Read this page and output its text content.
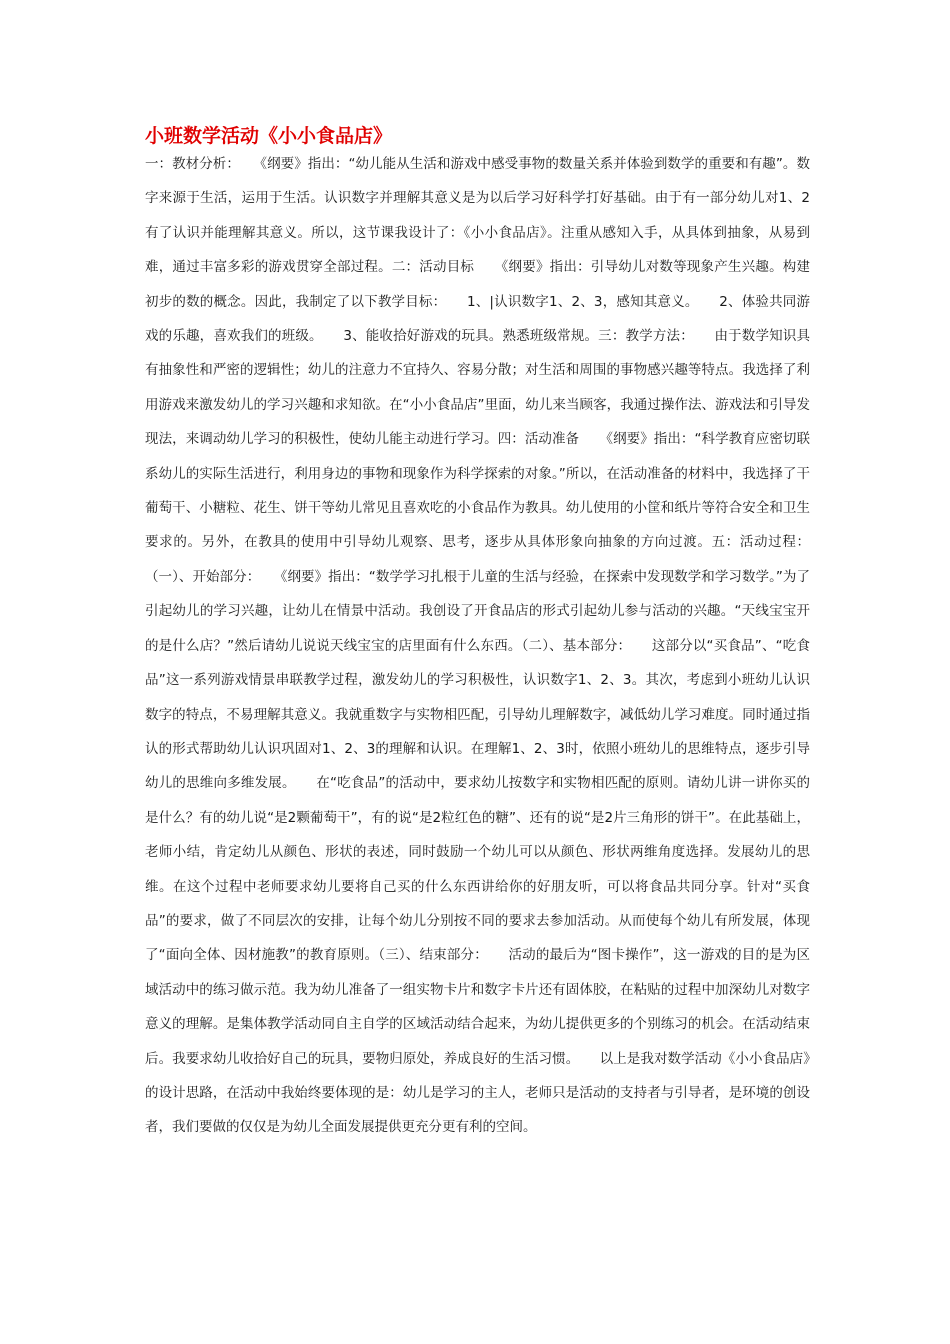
小班数学活动《小小食品店》

一：教材分析：　　《纲要》指出：“幼儿能从生活和游戏中感受事物的数量关系并体验到数学的重要和有趣”。数字来源于生活，运用于生活。认识数字并理解其意义是为以后学习好科学打好基础。由于有一部分幼儿对1、2有了认识并能理解其意义。所以，这节课我设计了：《小小食品店》。注重从感知入手，从具体到抽象，从易到难，通过丰富多彩的游戏贯穿全部过程。二：活动目标　　《纲要》指出：引导幼儿对数等现象产生兴趣。构建初步的数的概念。因此，我制定了以下教学目标：　　1、|认识数字1、2、3，感知其意义。　　2、体验共同游戏的乐趣，喜欢我们的班级。　　3、能收拾好游戏的玩具。熟悉班级常规。三：教学方法：　　由于数学知识具有抽象性和严密的逻辑性；幼儿的注意力不宜持久、容易分散；对生活和周围的事物感兴趣等特点。我选择了利用游戏来激发幼儿的学习兴趣和求知欲。在“小小食品店”里面，幼儿来当顾客，我通过操作法、游戏法和引导发现法，来调动幼儿学习的积极性，使幼儿能主动进行学习。四：活动准备　　《纲要》指出：“科学教育应密切联系幼儿的实际生活进行，利用身边的事物和现象作为科学探索的对象。”所以，在活动准备的材料中，我选择了干葡萄干、小糖粒、花生、饼干等幼儿常见且喜欢吃的小食品作为教具。幼儿使用的小筐和纸片等符合安全和卫生要求的。另外，在教具的使用中引导幼儿观察、思考，逐步从具体形象向抽象的方向过渡。五：活动过程：（一）、开始部分：　　《纲要》指出：“数学学习扎根于儿童的生活与经验，在探索中发现数学和学习数学。”为了引起幼儿的学习兴趣，让幼儿在情景中活动。我创设了开食品店的形式引起幼儿参与活动的兴趣。“天线宝宝开的是什么店？”然后请幼儿说说天线宝宝的店里面有什么东西。（二）、基本部分：　　这部分以“买食品”、“吃食品”这一系列游戏情景串联教学过程，激发幼儿的学习积极性，认识数字1、2、3。其次，考虑到小班幼儿认识数字的特点，不易理解其意义。我就重数字与实物相匹配，引导幼儿理解数字，减低幼儿学习难度。同时通过指认的形式帮助幼儿认识巩固对1、2、3的理解和认识。在理解1、2、3时，依照小班幼儿的思维特点，逐步引导幼儿的思维向多维发展。　　在“吃食品”的活动中，要求幼儿按数字和实物相匹配的原则。请幼儿讲一讲你买的是什么？有的幼儿说“是2颗葡萄干”，有的说“是2粒红色的糖”、还有的说“是2片三角形的饼干”。在此基础上，老师小结，肯定幼儿从颜色、形状的表述，同时鼓励一个幼儿可以从颜色、形状两维角度选择。发展幼儿的思维。在这个过程中老师要求幼儿要将自己买的什么东西讲给你的好朋友听，可以将食品共同分享。针对“买食品”的要求，做了不同层次的安排，让每个幼儿分别按不同的要求去参加活动。从而使每个幼儿有所发展，体现了“面向全体、因材施教”的教育原则。（三）、结束部分：　　活动的最后为“图卡操作”，这一游戏的目的是为区域活动中的练习做示范。我为幼儿准备了一组实物卡片和数字卡片还有固体胶，在粘贴的过程中加深幼儿对数字意义的理解。是集体教学活动同自主自学的区域活动结合起来，为幼儿提供更多的个别练习的机会。在活动结束后。我要求幼儿收拾好自己的玩具，要物归原处，养成良好的生活习惯。　　以上是我对数学活动《小小食品店》的设计思路，在活动中我始终要体现的是：幼儿是学习的主人，老师只是活动的支持者与引导者，是环境的创设者，我们要做的仅仅是为幼儿全面发展提供更充分更有利的空间。
